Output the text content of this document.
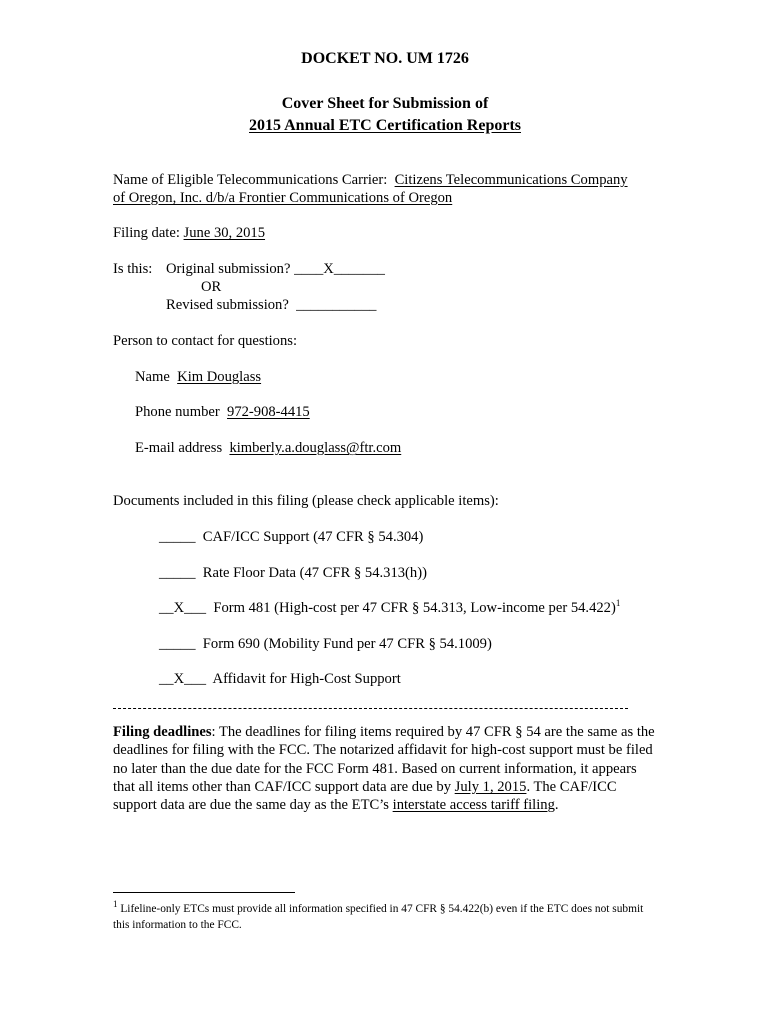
DOCKET NO. UM 1726
Cover Sheet for Submission of
2015 Annual ETC Certification Reports
Name of Eligible Telecommunications Carrier: Citizens Telecommunications Company
of Oregon, Inc. d/b/a Frontier Communications of Oregon
Filing date: June 30, 2015
Is this: Original submission? ____X_______
OR
Revised submission? ___________
Person to contact for questions:
Name Kim Douglass
Phone number 972-908-4415
E-mail address kimberly.a.douglass@ftr.com
Documents included in this filing (please check applicable items):
_____ CAF/ICC Support (47 CFR § 54.304)
_____ Rate Floor Data (47 CFR § 54.313(h))
__X___ Form 481 (High-cost per 47 CFR § 54.313, Low-income per 54.422)$^1$
_____ Form 690 (Mobility Fund per 47 CFR § 54.1009)
__X___ Affidavit for High-Cost Support
Filing deadlines: The deadlines for filing items required by 47 CFR § 54 are the same as the deadlines for filing with the FCC. The notarized affidavit for high-cost support must be filed no later than the due date for the FCC Form 481. Based on current information, it appears that all items other than CAF/ICC support data are due by July 1, 2015. The CAF/ICC support data are due the same day as the ETC’s interstate access tariff filing.
$^1$ Lifeline-only ETCs must provide all information specified in 47 CFR § 54.422(b) even if the ETC does not submit this information to the FCC.
